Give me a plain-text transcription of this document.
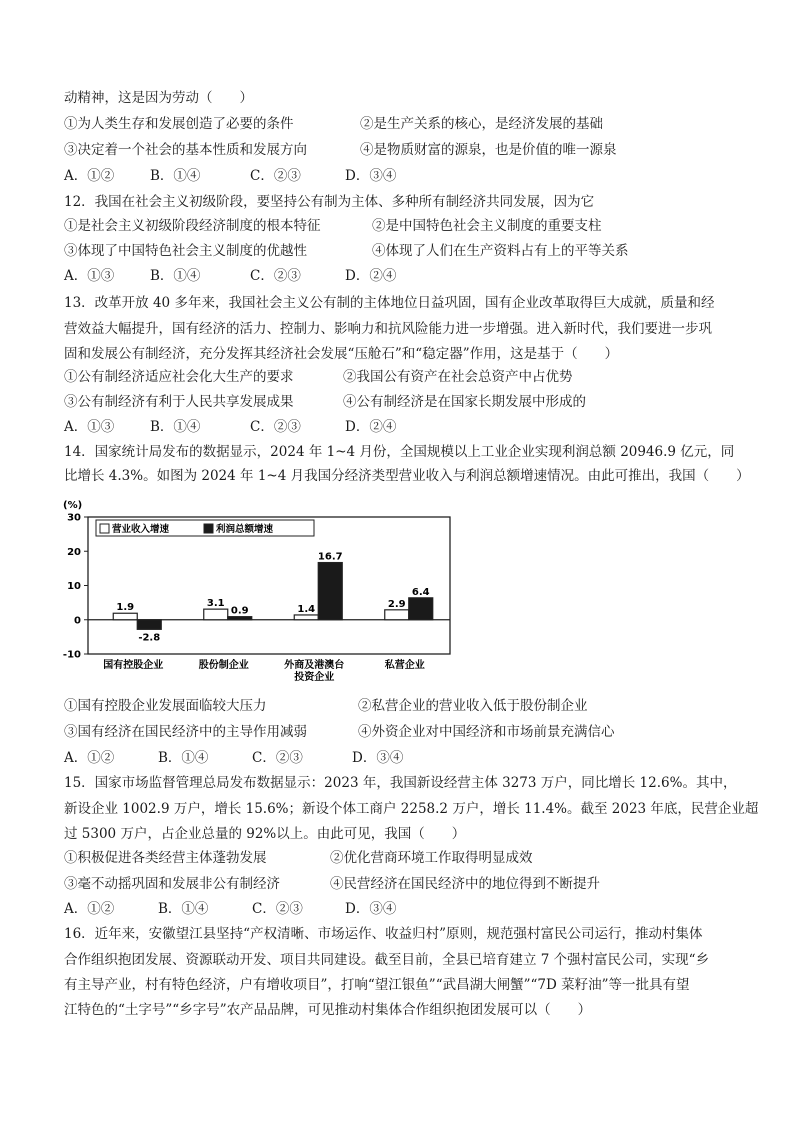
动精神，这是因为劳动（　　）
①为人类生存和发展创造了必要的条件	②是生产关系的核心，是经济发展的基础
③决定着一个社会的基本性质和发展方向	④是物质财富的源泉，也是价值的唯一源泉
A．①②	B．①④	C．②③	D．③④
12．我国在社会主义初级阶段，要坚持公有制为主体、多种所有制经济共同发展，因为它
①是社会主义初级阶段经济制度的根本特征	②是中国特色社会主义制度的重要支柱
③体现了中国特色社会主义制度的优越性	④体现了人们在生产资料占有上的平等关系
A．①③	B．①④	C．②③	D．②④
13．改革开放 40 多年来，我国社会主义公有制的主体地位日益巩固，国有企业改革取得巨大成就，质量和经
营效益大幅提升，国有经济的活力、控制力、影响力和抗风险能力进一步增强。进入新时代，我们要进一步巩
固和发展公有制经济，充分发挥其经济社会发展“压舱石”和“稳定器”作用，这是基于（　　）
①公有制经济适应社会化大生产的要求	②我国公有资产在社会总资产中占优势
③公有制经济有利于人民共享发展成果	④公有制经济是在国家长期发展中形成的
A．①③	B．①④	C．②③	D．②④
14．国家统计局发布的数据显示，2024 年 1~4 月份，全国规模以上工业企业实现利润总额 20946.9 亿元，同
比增长 4.3%。如图为 2024 年 1~4 月我国分经济类型营业收入与利润总额增速情况。由此可推出，我国（　　）
(%)
-10
0
10
20
30
营业收入增速	利润总额增速
1.9
-2.8
3.1
0.9	1.4
16.7
2.9
6.4
国有控股企业	股份制企业	外商及港澳台
投资企业
私营企业
①国有控股企业发展面临较大压力	②私营企业的营业收入低于股份制企业
③国有经济在国民经济中的主导作用减弱	④外资企业对中国经济和市场前景充满信心
A．①②	B．①④	C．②③	D．③④
15．国家市场监督管理总局发布数据显示：2023 年，我国新设经营主体 3273 万户，同比增长 12.6%。其中，
新设企业 1002.9 万户，增长 15.6%；新设个体工商户 2258.2 万户，增长 11.4%。截至 2023 年底，民营企业超
过 5300 万户，占企业总量的 92%以上。由此可见，我国（　　）
①积极促进各类经营主体蓬勃发展	②优化营商环境工作取得明显成效
③毫不动摇巩固和发展非公有制经济	④民营经济在国民经济中的地位得到不断提升
A．①②	B．①④	C．②③	D．③④
16．近年来，安徽望江县坚持“产权清晰、市场运作、收益归村”原则，规范强村富民公司运行，推动村集体
合作组织抱团发展、资源联动开发、项目共同建设。截至目前，全县已培育建立 7 个强村富民公司，实现“乡
有主导产业，村有特色经济，户有增收项目”，打响“望江银鱼”“武昌湖大闸蟹”“7D 菜籽油”等一批具有望
江特色的“土字号”“乡字号”农产品品牌，可见推动村集体合作组织抱团发展可以（　　）
